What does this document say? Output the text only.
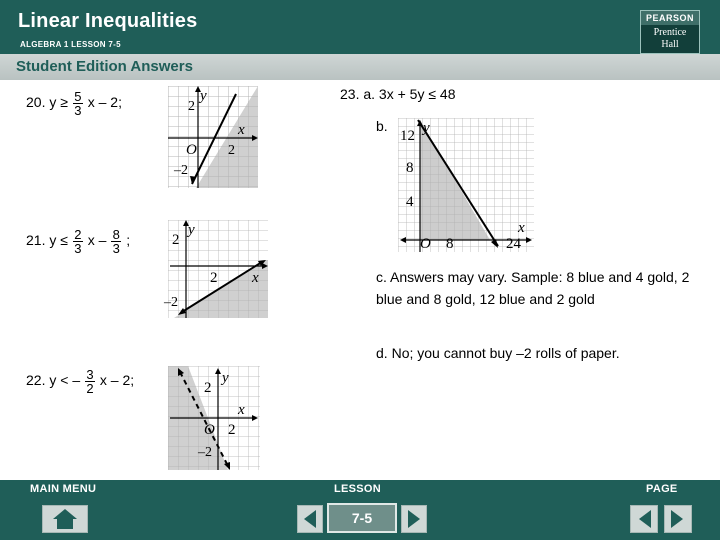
Linear Inequalities
ALGEBRA 1 LESSON 7-5
PEARSON
Prentice
Hall
Student Edition Answers
20. $y \ge \frac{5}{3}$ x – 2;	y
x
O
2
2
–2
21. $y \le \frac{2}{3}$ x – $\frac{8}{3}$ ;
y
x
2
2
–2
22. y < – $\frac{3}{2}$ x – 2;	y
x
O
2
2
–2
23. a. 3x + 5y ≤ 48
b. y
x
O
12
8
4
8	24
c. Answers may vary. Sample: 8 blue and 4 gold, 2 blue and 8 gold, 12 blue and 2 gold
d. No; you cannot buy –2 rolls of paper.
MAIN MENU	LESSON
7-5
PAGE
